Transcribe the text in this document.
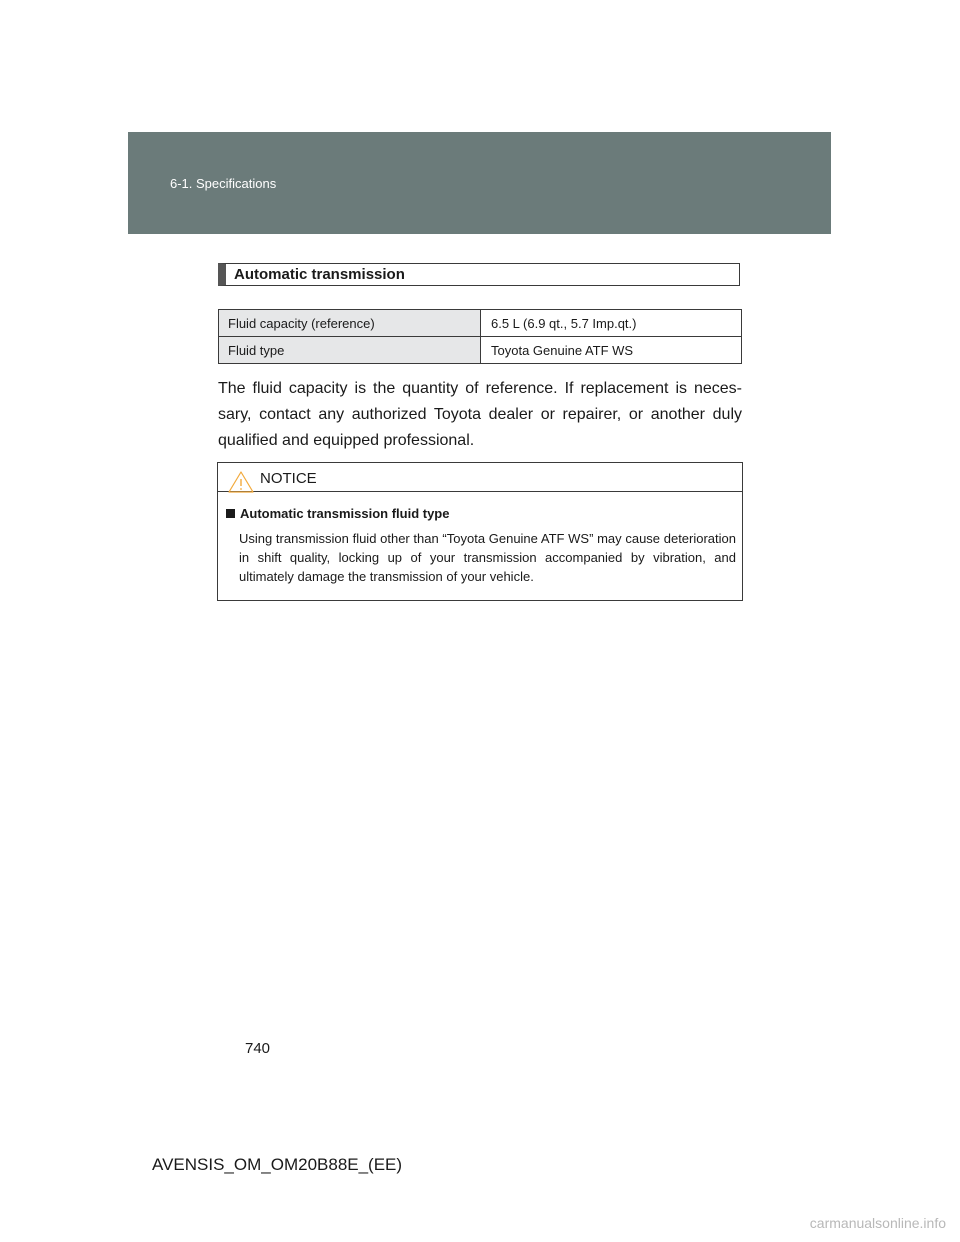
6-1. Specifications
Automatic transmission
Fluid capacity (reference)	6.5 L (6.9 qt., 5.7 Imp.qt.)
Fluid type	Toyota Genuine ATF WS
The fluid capacity is the quantity of reference. If replacement is neces-sary, contact any authorized Toyota dealer or repairer, or another duly qualified and equipped professional.
NOTICE
Automatic transmission fluid type
Using transmission fluid other than “Toyota Genuine ATF WS” may cause deterioration in shift quality, locking up of your transmission accompanied by vibration, and ultimately damage the transmission of your vehicle.
740
AVENSIS_OM_OM20B88E_(EE)
carmanualsonline.info
